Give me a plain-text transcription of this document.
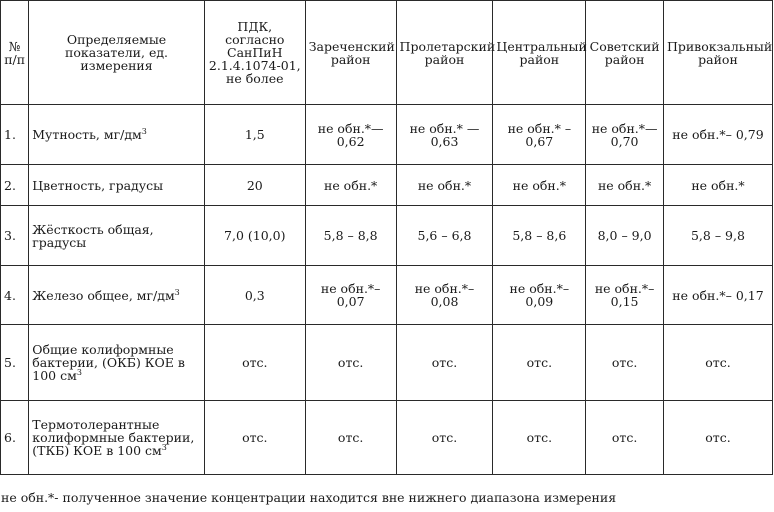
№ п/п	Определяемые показатели, ед. измерения	ПДК, согласно СанПиН 2.1.4.1074-01, не более	Зареченский район	Пролетарский район	Центральный район	Советский район	Привокзальный район
1.	Мутность, $мг/дм^3$	1,5	не обн.*— 0,62	не обн.* — 0,63	не обн.* – 0,67	не обн.*— 0,70	не обн.*– 0,79
2.	Цветность, градусы	20	не обн.*	не обн.*	не обн.*	не обн.*	не обн.*
3.	Жёсткость общая, градусы	7,0 (10,0)	5,8 – 8,8	5,6 – 6,8	5,8 – 8,6	8,0 – 9,0	5,8 – 9,8
4.	Железо общее, $мг/дм^3$	0,3	не обн.*– 0,07	не обн.*– 0,08	не обн.*– 0,09	не обн.*– 0,15	не обн.*– 0,17
5.	Общие колиформные бактерии, (ОКБ) КОЕ в 100 $см^3$	отс.	отс.	отс.	отс.	отс.	отс.
6.	Термотолерантные колиформные бактерии, (ТКБ) КОЕ в 100 $см^3$	отс.	отс.	отс.	отс.	отс.	отс.
не обн.*- полученное значение концентрации находится вне нижнего диапазона измерения
